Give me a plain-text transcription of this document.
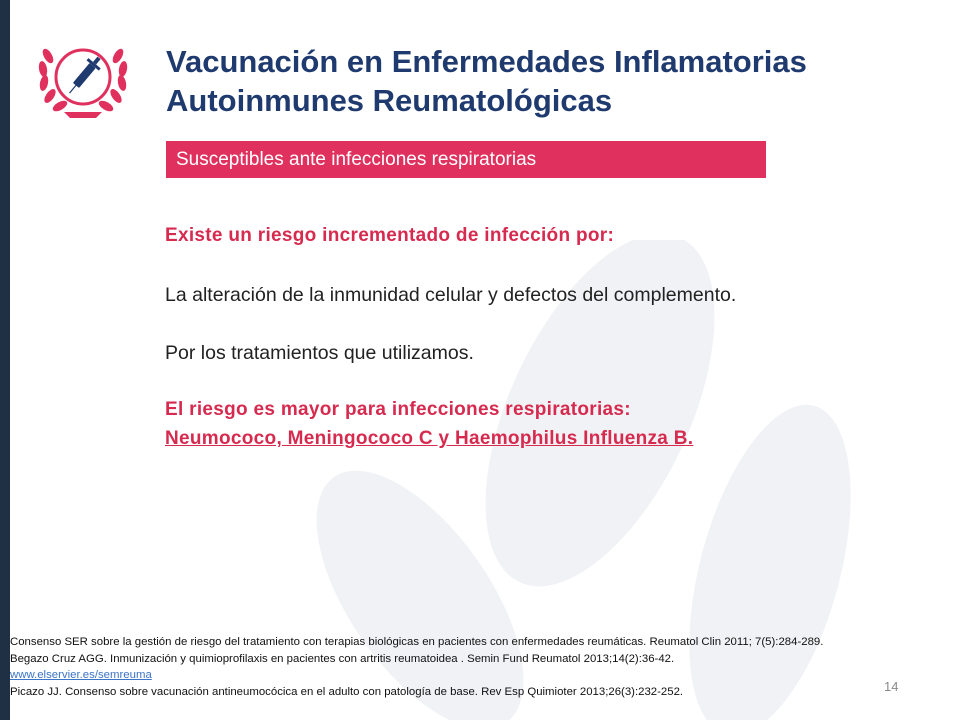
Vacunación en Enfermedades Inflamatorias
Autoinmunes Reumatológicas
Susceptibles ante infecciones respiratorias
Existe un riesgo incrementado de infección por:
La alteración de la inmunidad celular y defectos del complemento.
Por los tratamientos que utilizamos.
El riesgo es mayor para infecciones respiratorias:
Neumococo, Meningococo C y Haemophilus Influenza B.
Consenso SER sobre la gestión de riesgo del tratamiento con terapias biológicas en pacientes con enfermedades reumáticas. Reumatol Clin 2011; 7(5):284-289.
Begazo Cruz AGG. Inmunización y quimioprofilaxis en pacientes con artritis reumatoidea . Semin Fund Reumatol 2013;14(2):36-42.
www.elservier.es/semreuma
Picazo JJ. Consenso sobre vacunación antineumocócica en el adulto con patología de base. Rev Esp Quimioter 2013;26(3):232-252.	14
